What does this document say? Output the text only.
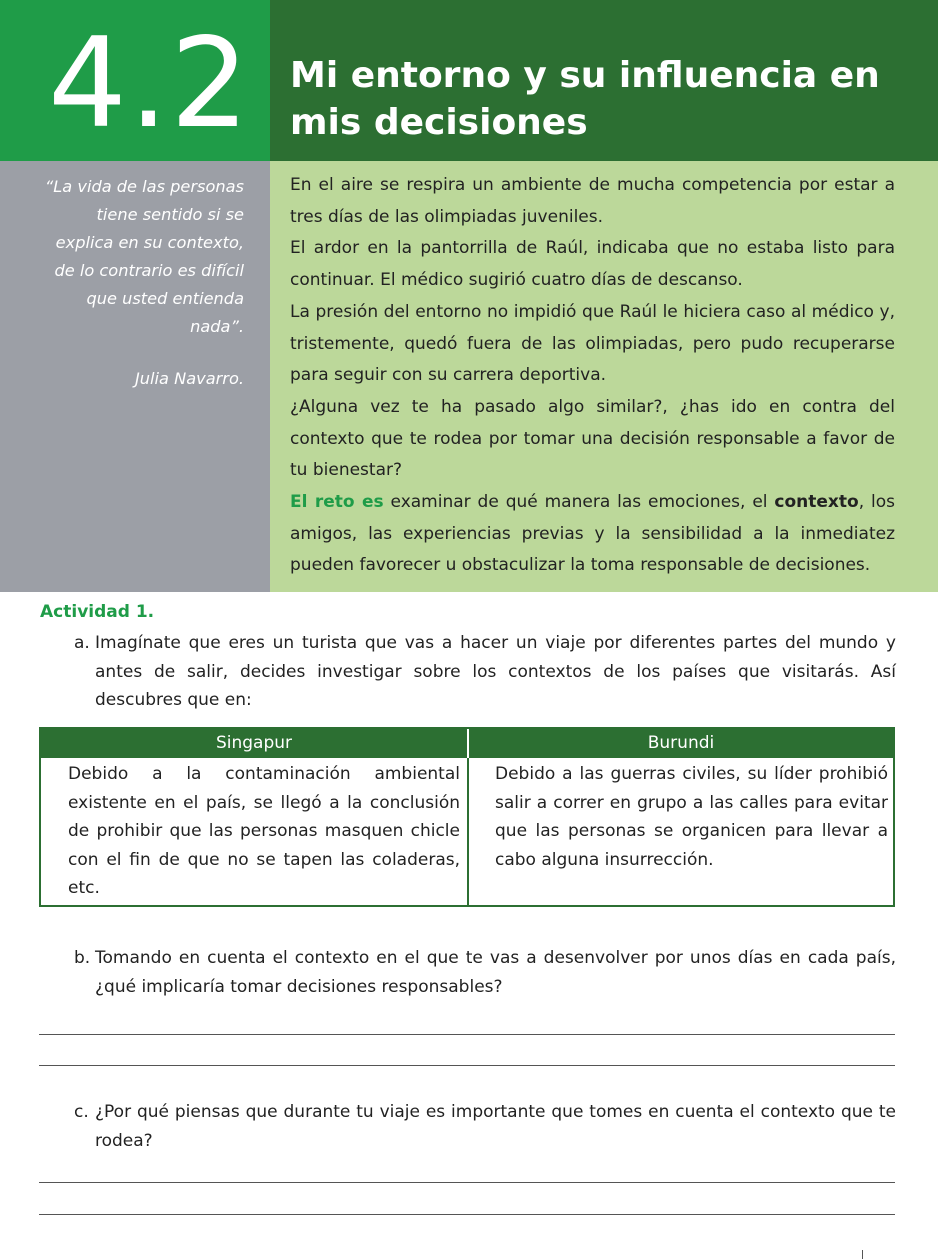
4.2	Mi entorno y su influencia en
mis decisiones
“La vida de las personas
tiene sentido si se
explica en su contexto,
de lo contrario es difícil
que usted entienda
nada”.
Julia Navarro.

En el aire se respira un ambiente de mucha competencia por estar a tres días de las olimpiadas juveniles.

El ardor en la pantorrilla de Raúl, indicaba que no estaba listo para continuar. El médico sugirió cuatro días de descanso.

La presión del entorno no impidió que Raúl le hiciera caso al médico y, tristemente, quedó fuera de las olimpiadas, pero pudo recuperarse para seguir con su carrera deportiva.

¿Alguna vez te ha pasado algo similar?, ¿has ido en contra del contexto que te rodea por tomar una decisión responsable a favor de tu bienestar?

El reto es examinar de qué manera las emociones, el contexto, los amigos, las experiencias previas y la sensibilidad a la inmediatez pueden favorecer u obstaculizar la toma responsable de decisiones.

Actividad 1.
a. Imagínate que eres un turista que vas a hacer un viaje por diferentes partes del mundo y antes de salir, decides investigar sobre los contextos de los países que visitarás. Así descubres que en:
Singapur	Burundi
Debido a la contaminación ambiental existente en el país, se llegó a la conclusión de prohibir que las personas masquen chicle con el fin de que no se tapen las coladeras, etc.
Debido a las guerras civiles, su líder prohibió salir a correr en grupo a las calles para evitar que las personas se organicen para llevar a cabo alguna insurrección.
b. Tomando en cuenta el contexto en el que te vas a desenvolver por unos días en cada país, ¿qué implicaría tomar decisiones responsables?
c. ¿Por qué piensas que durante tu viaje es importante que tomes en cuenta el contexto que te rodea?
